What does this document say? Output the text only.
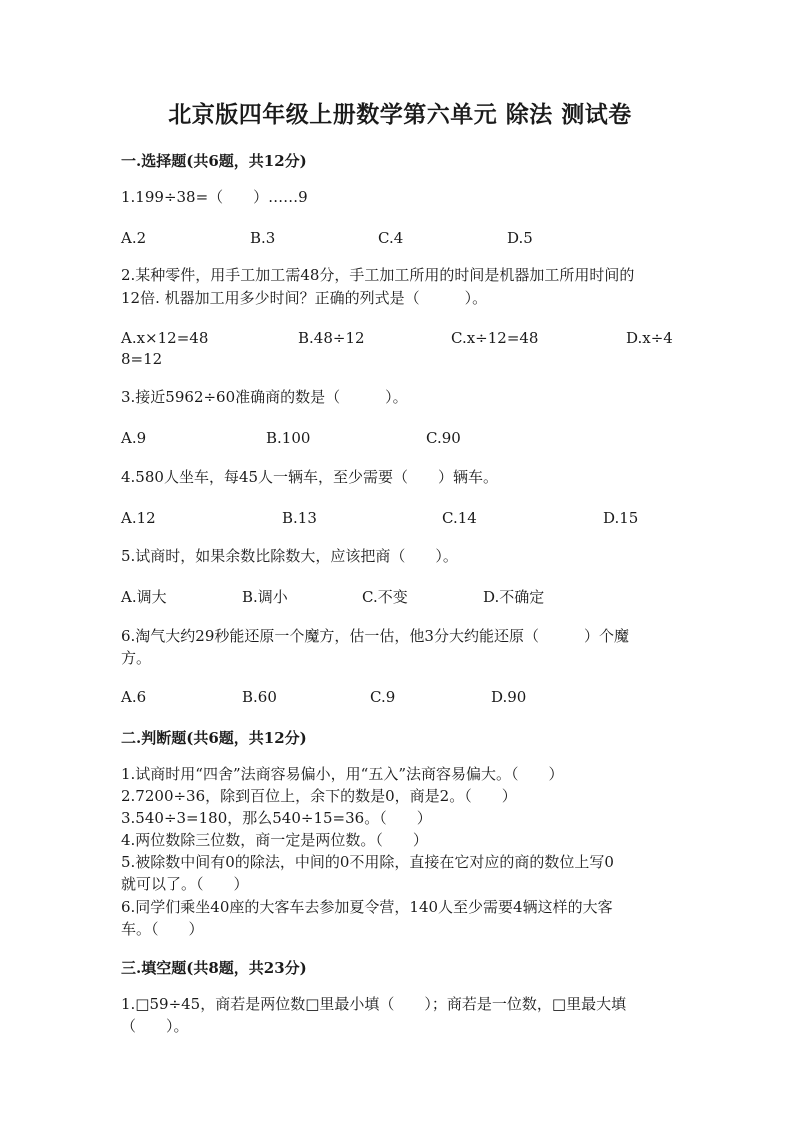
北京版四年级上册数学第六单元 除法 测试卷
一.选择题(共6题，共12分)
1.199÷38=（　　）……9
A.2	B.3	C.4	D.5
2.某种零件，用手工加工需48分，手工加工所用的时间是机器加工所用时间的
12倍. 机器加工用多少时间？正确的列式是（　　　）。
A.x×12=48	B.48÷12	C.x÷12=48	D.x÷4
8=12
3.接近5962÷60准确商的数是（　　　）。
A.9	B.100	C.90
4.580人坐车，每45人一辆车，至少需要（　　）辆车。
A.12	B.13	C.14	D.15
5.试商时，如果余数比除数大，应该把商（　　）。
A.调大	B.调小	C.不变	D.不确定
6.淘气大约29秒能还原一个魔方，估一估，他3分大约能还原（　　　）个魔
方。
A.6	B.60	C.9	D.90
二.判断题(共6题，共12分)
1.试商时用“四舍”法商容易偏小，用“五入”法商容易偏大。（　　）
2.7200÷36，除到百位上，余下的数是0，商是2。（　　）
3.540÷3=180，那么540÷15=36。（　　）
4.两位数除三位数，商一定是两位数。（　　）
5.被除数中间有0的除法，中间的0不用除，直接在它对应的商的数位上写0
就可以了。（　　）
6.同学们乘坐40座的大客车去参加夏令营，140人至少需要4辆这样的大客
车。（　　）
三.填空题(共8题，共23分)
1.□59÷45，商若是两位数□里最小填（　　）；商若是一位数，□里最大填
（　　）。
